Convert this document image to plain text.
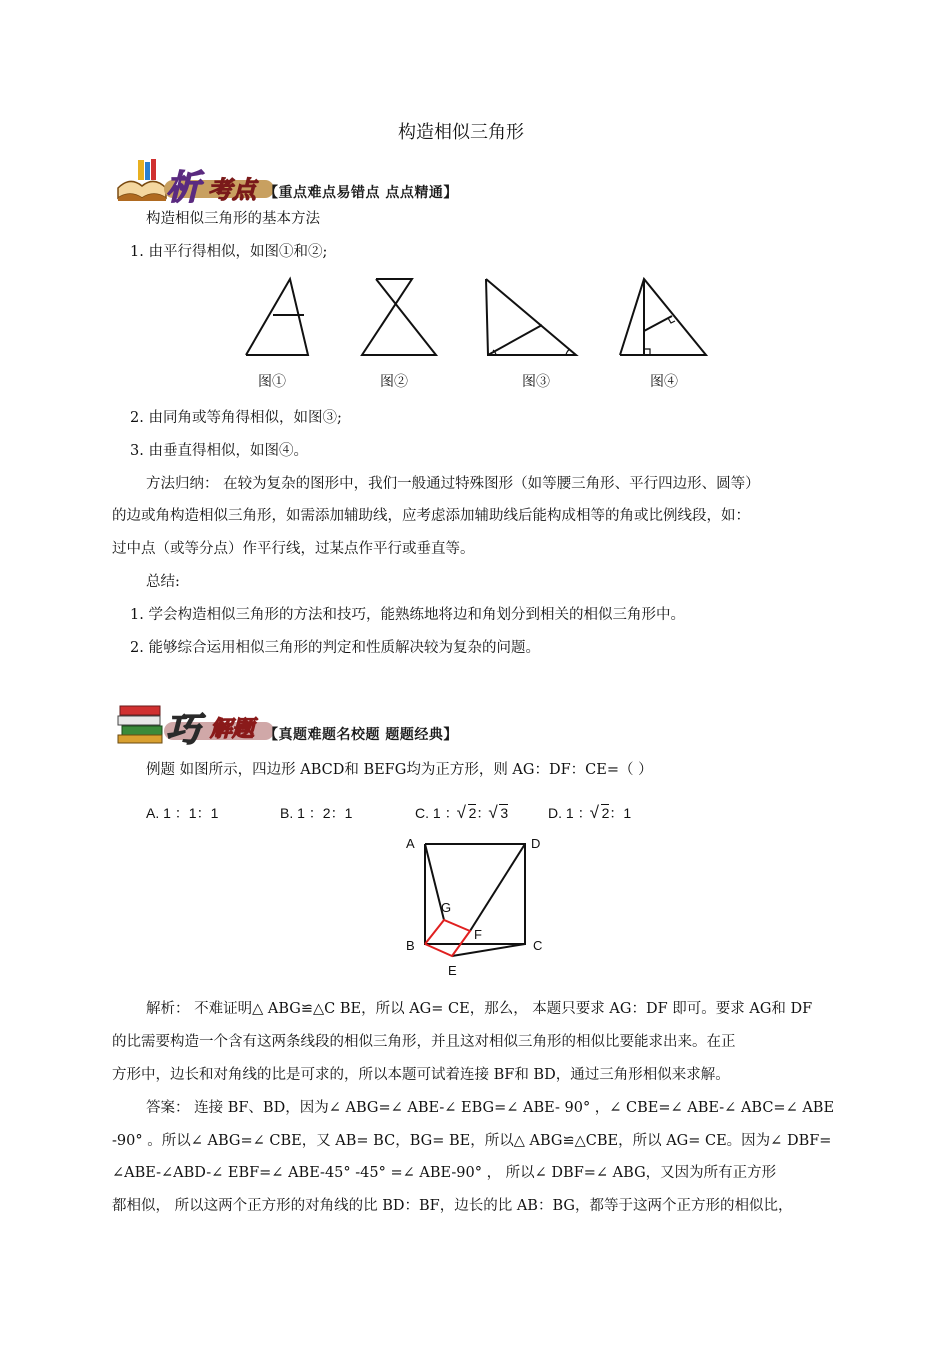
构造相似三角形
析 考点 【重点难点易错点 点点精通】
构造相似三角形的基本方法
1. 由平行得相似，如图①和②;
图①	图②	图③	图④
2. 由同角或等角得相似，如图③;
3. 由垂直得相似，如图④。
方法归纳： 在较为复杂的图形中，我们一般通过特殊图形（如等腰三角形、平行四边形、圆等）
的边或角构造相似三角形，如需添加辅助线，应考虑添加辅助线后能构成相等的角或比例线段，如：
过中点（或等分点）作平行线，过某点作平行或垂直等。
总结:
1. 学会构造相似三角形的方法和技巧，能熟练地将边和角划分到相关的相似三角形中。
2. 能够综合运用相似三角形的判定和性质解决较为复杂的问题。
巧 解题 【真题难题名校题 题题经典】
例题 如图所示，四边形 ABCD和 BEFG均为正方形，则 AG：DF：CE=（ ）
A. 1 ：1：1	B. 1 ：2：1	C. 1 ： √ 2： √ 3	D. 1 ： √ 2：1
A	D
G
F
B	C
E
解析： 不难证明△ ABG≌△C BE，所以 AG= CE，那么， 本题只要求 AG：DF 即可。要求 AG和 DF
的比需要构造一个含有这两条线段的相似三角形，并且这对相似三角形的相似比要能求出来。在正
方形中，边长和对角线的比是可求的，所以本题可试着连接 BF和 BD，通过三角形相似来求解。
答案： 连接 BF、BD，因为∠ ABG=∠ ABE-∠ EBG=∠ ABE- 90° ，∠ CBE=∠ ABE-∠ ABC=∠ ABE
-90° 。所以∠ ABG=∠ CBE，又 AB= BC，BG= BE，所以△ ABG≌△CBE，所以 AG= CE。因为∠ DBF=
∠ABE-∠ABD-∠ EBF=∠ ABE-45° -45° =∠ ABE-90° ， 所以∠ DBF=∠ ABG，又因为所有正方形
都相似， 所以这两个正方形的对角线的比 BD：BF，边长的比 AB：BG，都等于这两个正方形的相似比，
